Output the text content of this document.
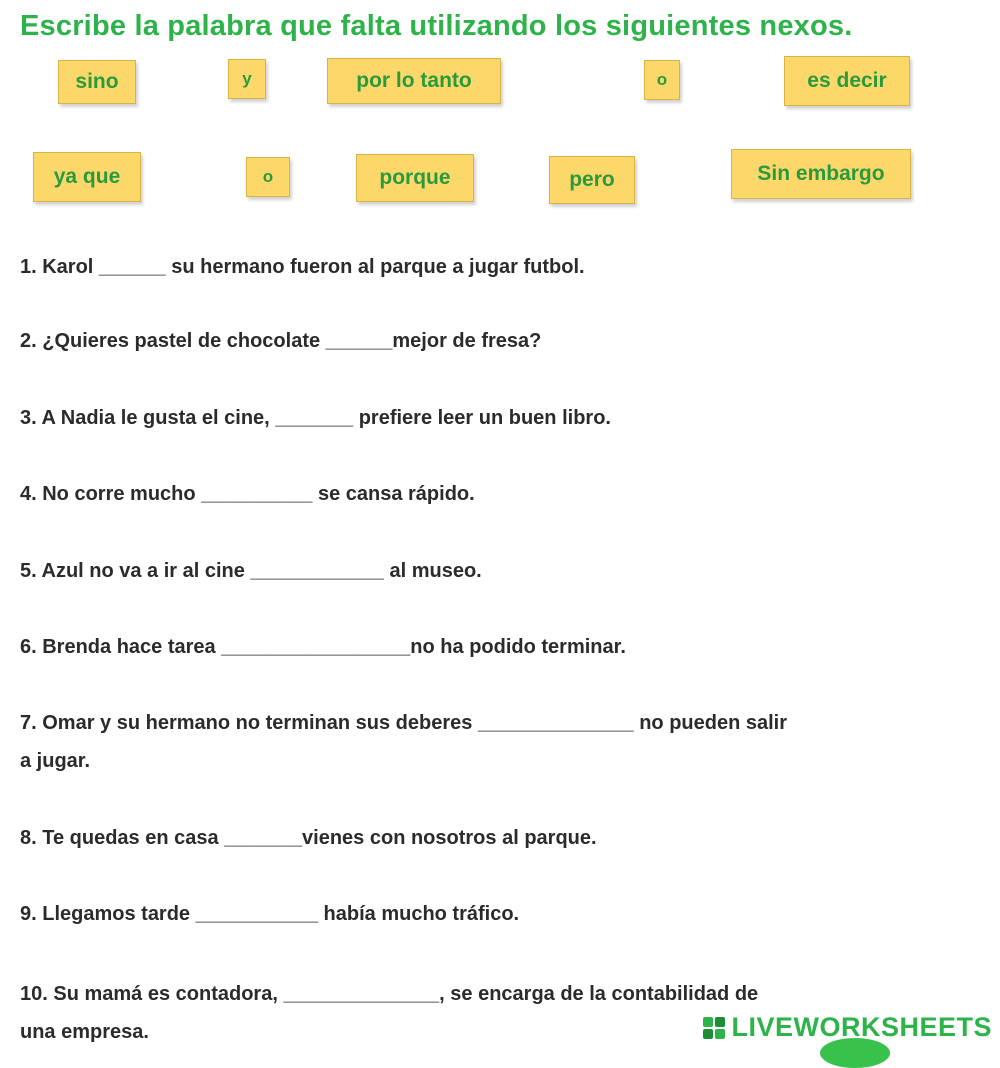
Escribe la palabra que falta utilizando los siguientes nexos.
sino	y	por lo tanto	o	es decir
ya que	o	porque	pero	Sin embargo
1. Karol ______ su hermano fueron al parque a jugar futbol.
2. ¿Quieres pastel de chocolate ______mejor de fresa?
3. A Nadia le gusta el cine, _______ prefiere leer un buen libro.
4. No corre mucho __________ se cansa rápido.
5. Azul no va a ir al cine ____________ al museo.
6. Brenda hace tarea _________________no ha podido terminar.
7. Omar y su hermano no terminan sus deberes ______________ no pueden salir
a jugar.
8. Te quedas en casa _______vienes con nosotros al parque.
9. Llegamos tarde ___________ había mucho tráfico.
10. Su mamá es contadora, ______________, se encarga de la contabilidad de
una empresa.	LIVEWORKSHEETS
